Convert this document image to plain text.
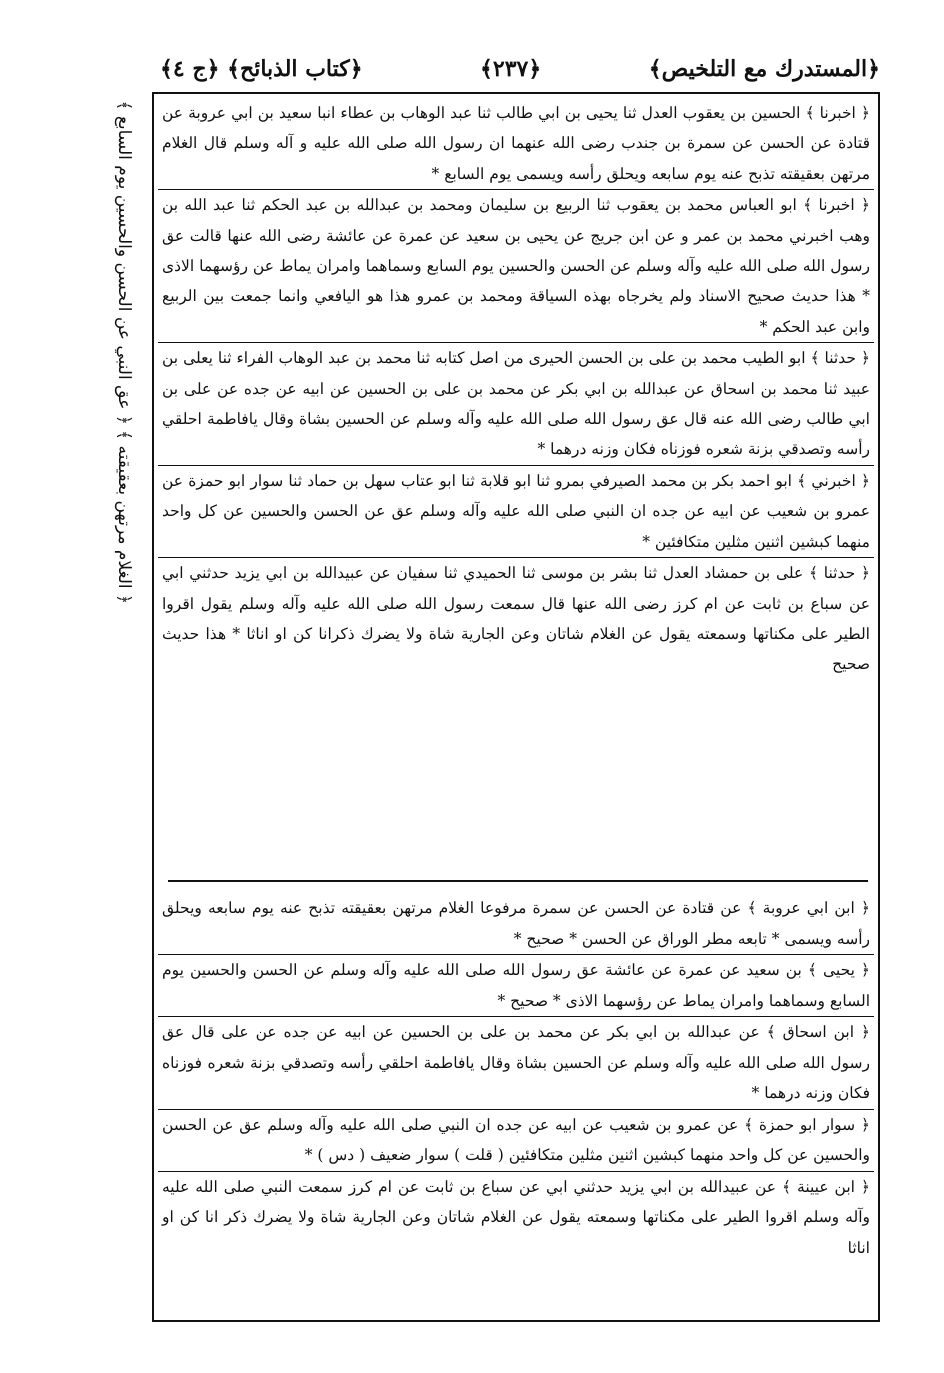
﴿المستدرك مع التلخيص﴾
﴿٢٣٧﴾
﴿كتاب الذبائح﴾ ﴿ج ٤﴾
﴿ الغلام مرتهن بعقيقته ﴾ ﴿ عق النبي عن الحسن والحسين يوم السابع ﴾ ﴿ اخبرنا ﴾ الحسين بن يعقوب العدل ثنا يحيى بن ابي طالب ثنا عبد الوهاب بن عطاء انبا سعيد بن ابي عروبة عن قتادة عن الحسن عن سمرة بن جندب رضى الله عنهما ان رسول الله صلى الله عليه و آله وسلم قال الغلام مرتهن بعقيقته تذبح عنه يوم سابعه ويحلق رأسه ويسمى يوم السابع *

﴿ اخبرنا ﴾ ابو العباس محمد بن يعقوب ثنا الربيع بن سليمان ومحمد بن عبدالله بن عبد الحكم ثنا عبد الله بن وهب اخبرني محمد بن عمر و عن ابن جريج عن يحيى بن سعيد عن عمرة عن عائشة رضى الله عنها قالت عق رسول الله صلى الله عليه وآله وسلم عن الحسن والحسين يوم السابع وسماهما وامران يماط عن رؤسهما الاذى * هذا حديث صحيح الاسناد ولم يخرجاه بهذه السياقة ومحمد بن عمرو هذا هو اليافعي وانما جمعت بين الربيع وابن عبد الحكم *

﴿ حدثنا ﴾ ابو الطيب محمد بن على بن الحسن الحيرى من اصل كتابه ثنا محمد بن عبد الوهاب الفراء ثنا يعلى بن عبيد ثنا محمد بن اسحاق عن عبدالله بن ابي بكر عن محمد بن على بن الحسين عن ابيه عن جده عن على بن ابي طالب رضى الله عنه قال عق رسول الله صلى الله عليه وآله وسلم عن الحسين بشاة وقال يافاطمة احلقي رأسه وتصدقي بزنة شعره فوزناه فكان وزنه درهما *

﴿ اخبرني ﴾ ابو احمد بكر بن محمد الصيرفي بمرو ثنا ابو قلابة ثنا ابو عتاب سهل بن حماد ثنا سوار ابو حمزة عن عمرو بن شعيب عن ابيه عن جده ان النبي صلى الله عليه وآله وسلم عق عن الحسن والحسين عن كل واحد منهما كبشين اثنين مثلين متكافئين *

﴿ حدثنا ﴾ على بن حمشاد العدل ثنا بشر بن موسى ثنا الحميدي ثنا سفيان عن عبيدالله بن ابي يزيد حدثني ابي عن سباع بن ثابت عن ام كرز رضى الله عنها قال سمعت رسول الله صلى الله عليه وآله وسلم يقول اقروا الطير على مكناتها وسمعته يقول عن الغلام شاتان وعن الجارية شاة ولا يضرك ذكرانا كن او اناثا * هذا حديث صحيح

﴿ ابن ابي عروبة ﴾ عن قتادة عن الحسن عن سمرة مرفوعا الغلام مرتهن بعقيقته تذبح عنه يوم سابعه ويحلق رأسه ويسمى * تابعه مطر الوراق عن الحسن * صحيح *

﴿ يحيى ﴾ بن سعيد عن عمرة عن عائشة عق رسول الله صلى الله عليه وآله وسلم عن الحسن والحسين يوم السابع وسماهما وامران يماط عن رؤسهما الاذى * صحيح *

﴿ ابن اسحاق ﴾ عن عبدالله بن ابي بكر عن محمد بن على بن الحسين عن ابيه عن جده عن على قال عق رسول الله صلى الله عليه وآله وسلم عن الحسين بشاة وقال يافاطمة احلقي رأسه وتصدقي بزنة شعره فوزناه فكان وزنه درهما *

﴿ سوار ابو حمزة ﴾ عن عمرو بن شعيب عن ابيه عن جده ان النبي صلى الله عليه وآله وسلم عق عن الحسن والحسين عن كل واحد منهما كبشين اثنين مثلين متكافئين ( قلت ) سوار ضعيف ( دس ) *

﴿ ابن عيينة ﴾ عن عبيدالله بن ابي يزيد حدثني ابي عن سباع بن ثابت عن ام كرز سمعت النبي صلى الله عليه وآله وسلم اقروا الطير على مكناتها وسمعته يقول عن الغلام شاتان وعن الجارية شاة ولا يضرك ذكر انا كن او اناثا
